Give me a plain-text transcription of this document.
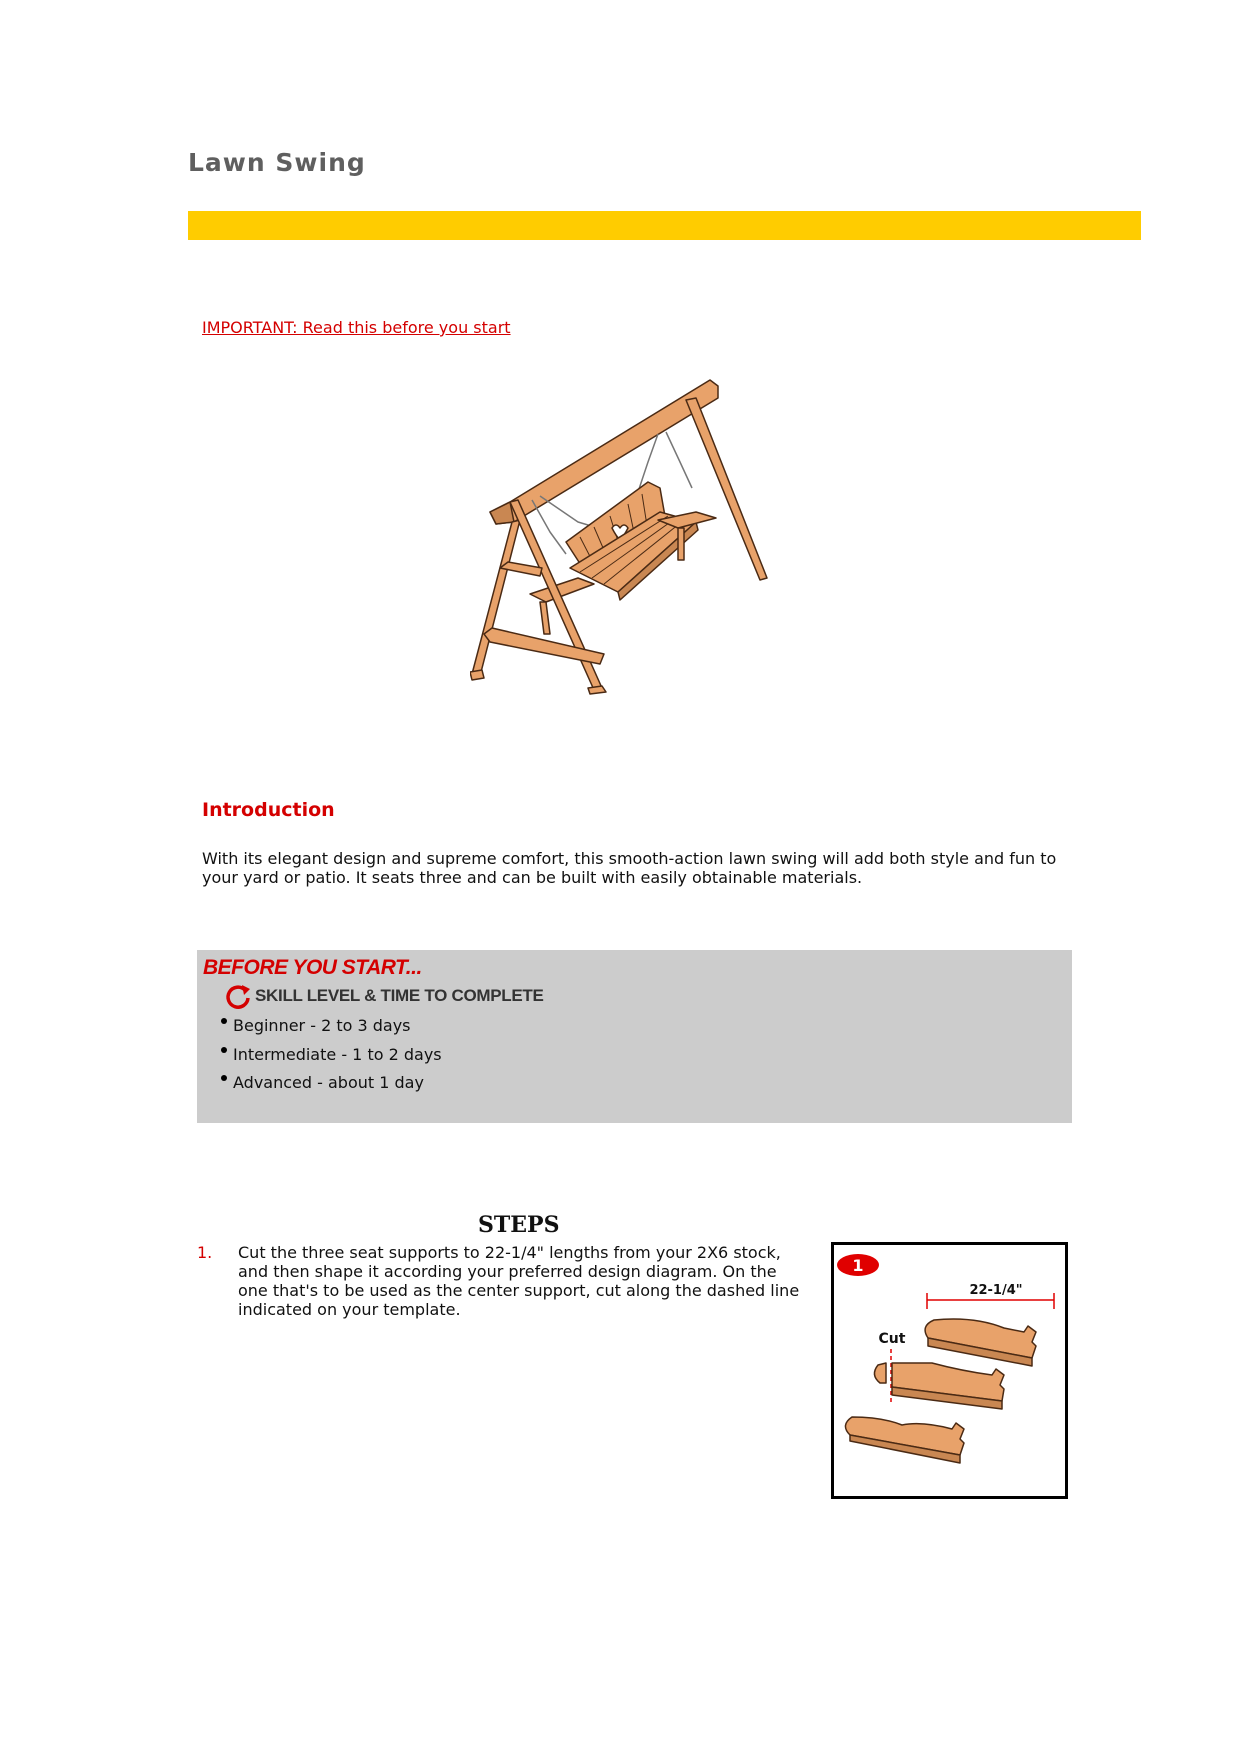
Lawn Swing
IMPORTANT: Read this before you start
Introduction

With its elegant design and supreme comfort, this smooth-action lawn swing will add both style and fun to your yard or patio. It seats three and can be built with easily obtainable materials.

BEFORE YOU START...
SKILL LEVEL & TIME TO COMPLETE
Beginner - 2 to 3 days
Intermediate - 1 to 2 days
Advanced - about 1 day
STEPS
1. Cut the three seat supports to 22-1/4" lengths from your 2X6 stock, and then shape it according your preferred design diagram. On the one that's to be used as the center support, cut along the dashed line indicated on your template.

1
22-1/4"
Cut
